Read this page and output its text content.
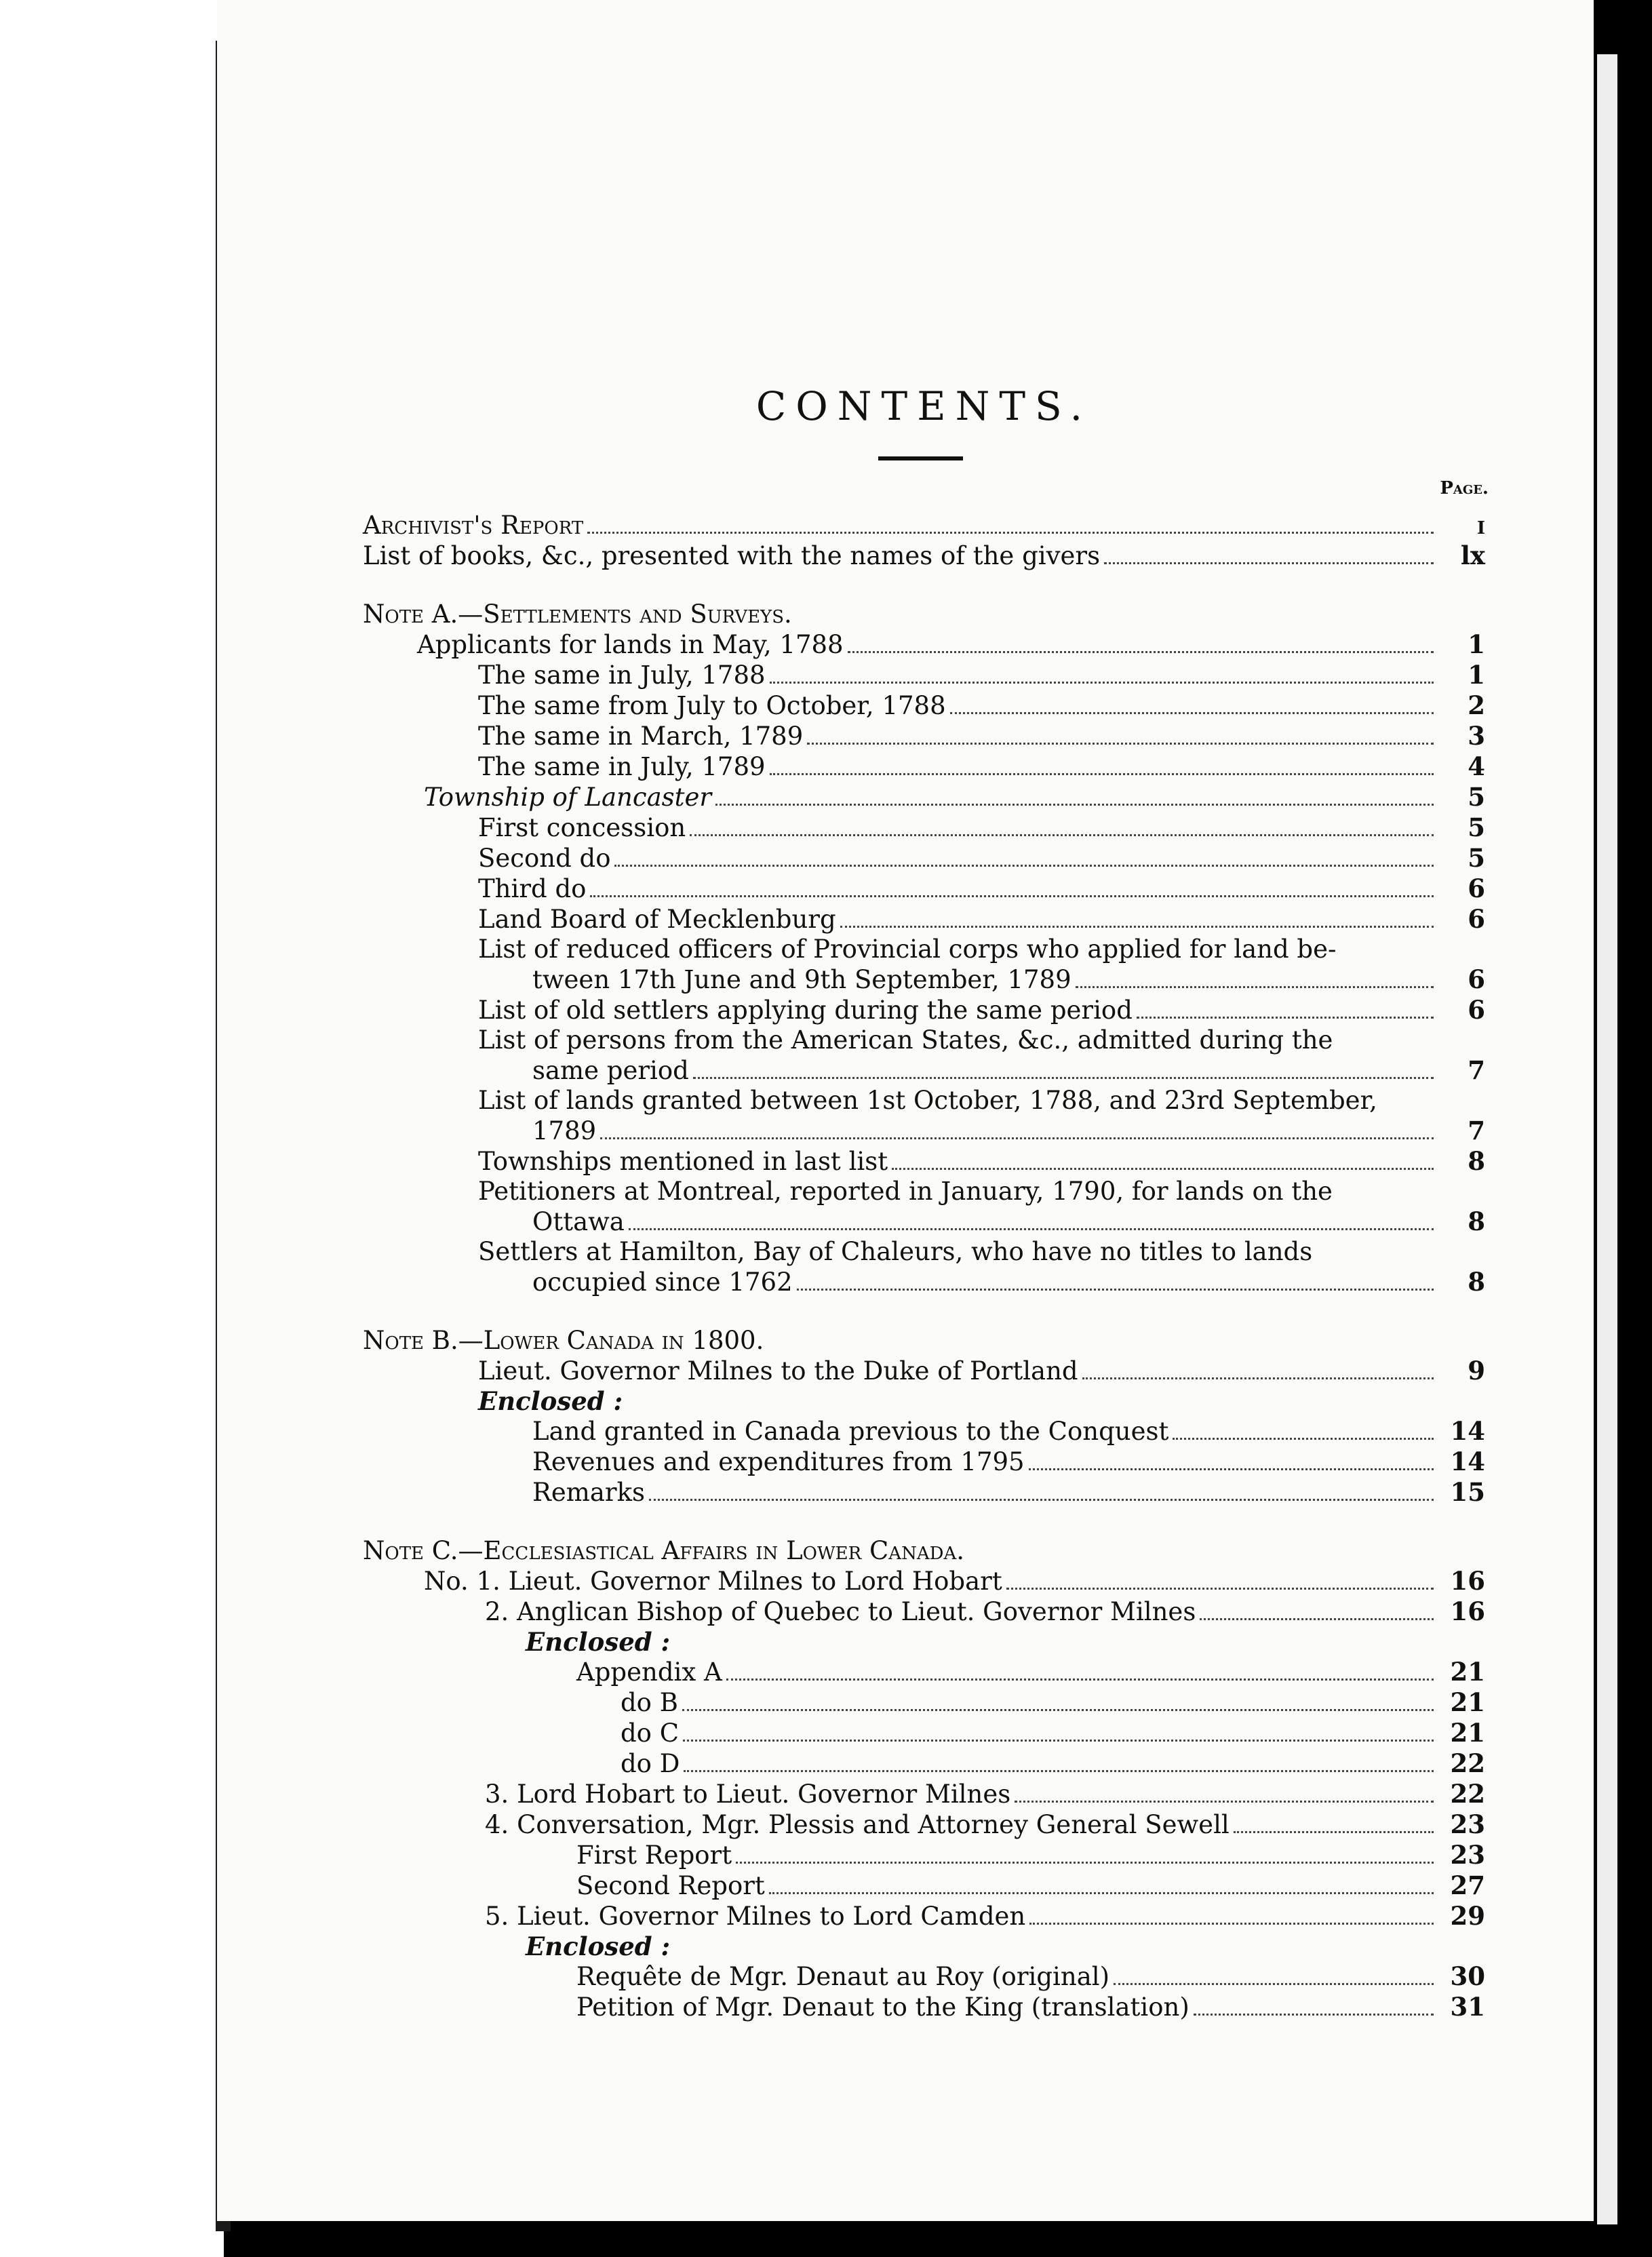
CONTENTS.
Page.
Archivist's Report	i
List of books, &c., presented with the names of the givers	lx
Note A.—Settlements and Surveys.
Applicants for lands in May, 1788	1
The same in July, 1788	1
The same from July to October, 1788	2
The same in March, 1789	3
The same in July, 1789	4
Township of Lancaster	5
First concession	5
Second do	5
Third do	6
Land Board of Mecklenburg	6
List of reduced officers of Provincial corps who applied for land be-
tween 17th June and 9th September, 1789	6
List of old settlers applying during the same period	6
List of persons from the American States, &c., admitted during the
same period	7
List of lands granted between 1st October, 1788, and 23rd September,
1789	7
Townships mentioned in last list	8
Petitioners at Montreal, reported in January, 1790, for lands on the
Ottawa	8
Settlers at Hamilton, Bay of Chaleurs, who have no titles to lands
occupied since 1762	8
Note B.—Lower Canada in 1800.
Lieut. Governor Milnes to the Duke of Portland	9
Enclosed :
Land granted in Canada previous to the Conquest	14
Revenues and expenditures from 1795	14
Remarks	15
Note C.—Ecclesiastical Affairs in Lower Canada.
No. 1. Lieut. Governor Milnes to Lord Hobart	16
2. Anglican Bishop of Quebec to Lieut. Governor Milnes	16
Enclosed :
Appendix A	21
do B	21
do C	21
do D	22
3. Lord Hobart to Lieut. Governor Milnes	22
4. Conversation, Mgr. Plessis and Attorney General Sewell	23
First Report	23
Second Report	27
5. Lieut. Governor Milnes to Lord Camden	29
Enclosed :
Requête de Mgr. Denaut au Roy (original)	30
Petition of Mgr. Denaut to the King (translation)	31
